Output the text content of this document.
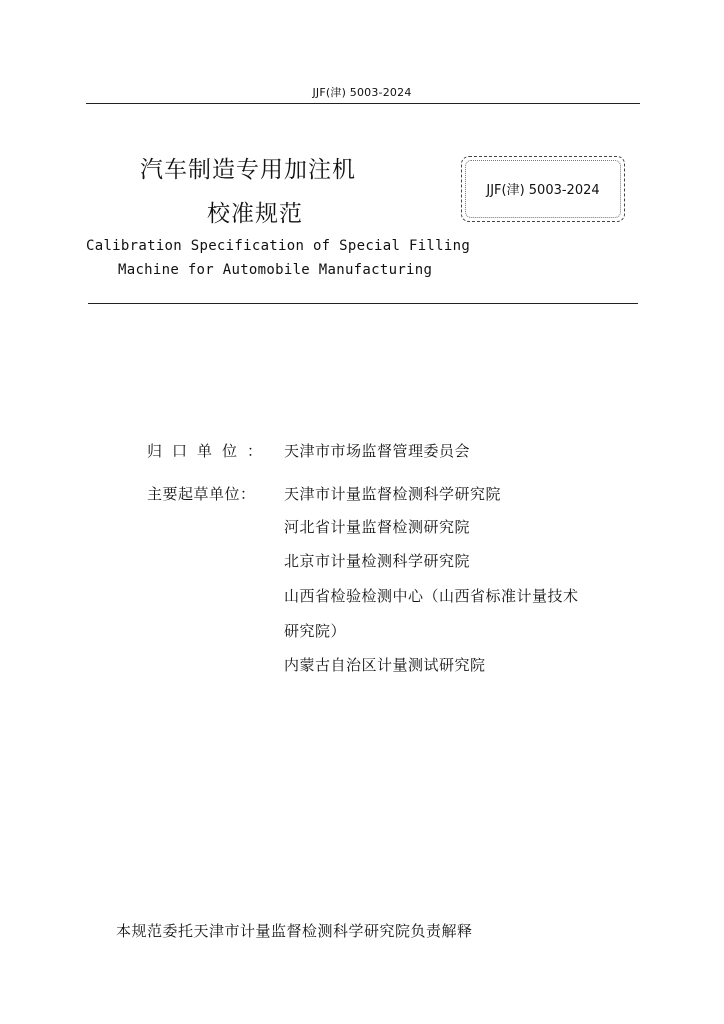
JJF(津) 5003-2024
汽车制造专用加注机
校准规范
JJF(津) 5003-2024
Calibration Specification of Special Filling
Machine for Automobile Manufacturing
归口单位： 天津市市场监督管理委员会
主要起草单位： 天津市计量监督检测科学研究院
河北省计量监督检测研究院
北京市计量检测科学研究院
山西省检验检测中心（山西省标准计量技术
研究院）
内蒙古自治区计量测试研究院
本规范委托天津市计量监督检测科学研究院负责解释
